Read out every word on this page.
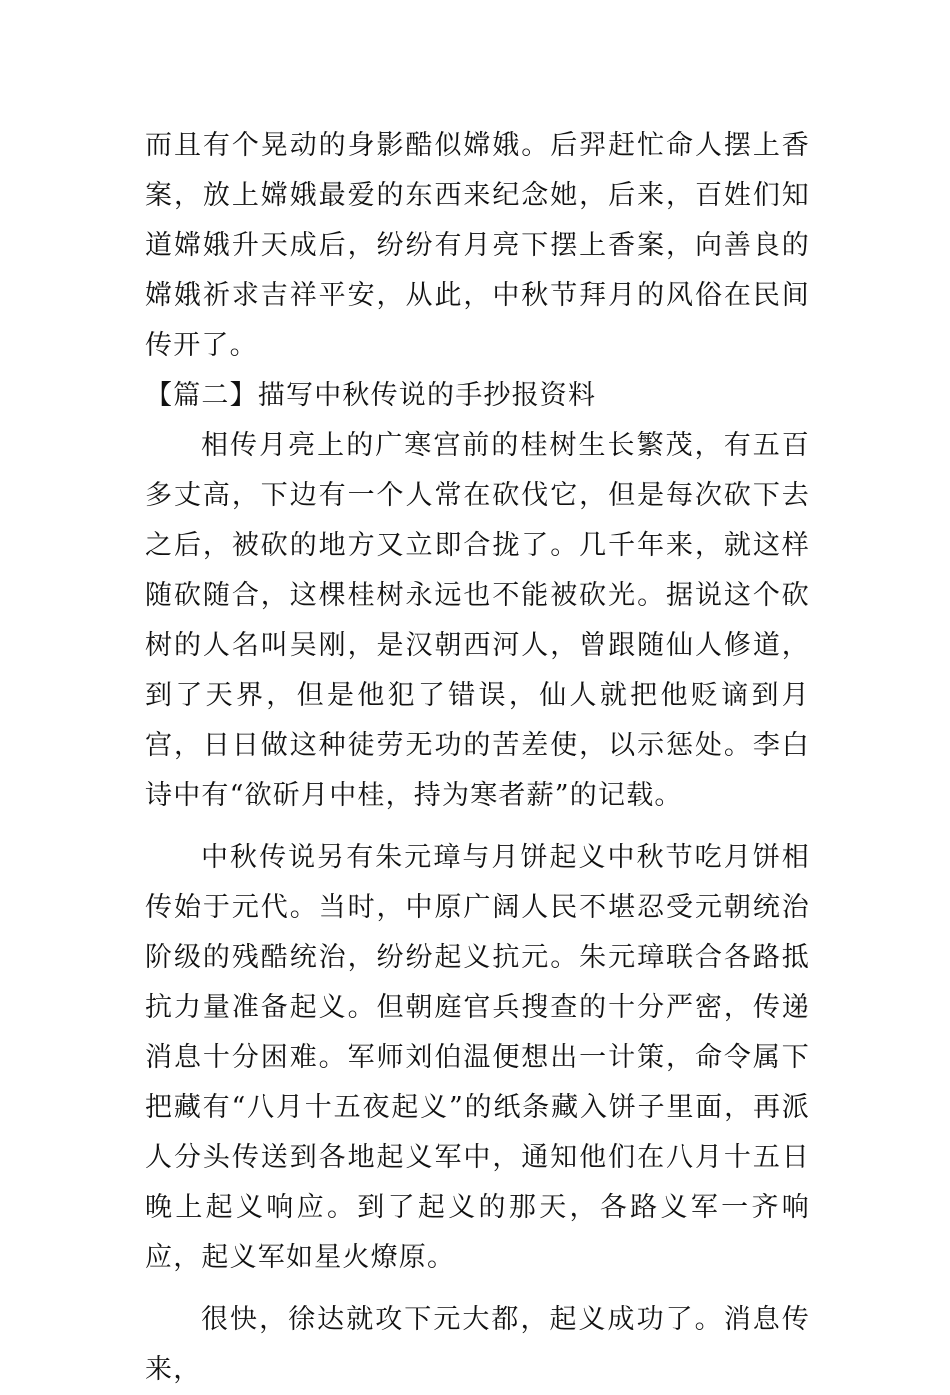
而且有个晃动的身影酷似嫦娥。后羿赶忙命人摆上香案，放上嫦娥最爱的东西来纪念她，后来，百姓们知道嫦娥升天成后，纷纷有月亮下摆上香案，向善良的嫦娥祈求吉祥平安，从此，中秋节拜月的风俗在民间传开了。

【篇二】描写中秋传说的手抄报资料

相传月亮上的广寒宫前的桂树生长繁茂，有五百多丈高，下边有一个人常在砍伐它，但是每次砍下去之后，被砍的地方又立即合拢了。几千年来，就这样随砍随合，这棵桂树永远也不能被砍光。据说这个砍树的人名叫吴刚，是汉朝西河人，曾跟随仙人修道，到了天界，但是他犯了错误，仙人就把他贬谪到月宫，日日做这种徒劳无功的苦差使，以示惩处。李白诗中有“欲斫月中桂，持为寒者薪”的记载。

中秋传说另有朱元璋与月饼起义中秋节吃月饼相传始于元代。当时，中原广阔人民不堪忍受元朝统治阶级的残酷统治，纷纷起义抗元。朱元璋联合各路抵抗力量准备起义。但朝庭官兵搜查的十分严密，传递消息十分困难。军师刘伯温便想出一计策，命令属下把藏有“八月十五夜起义”的纸条藏入饼子里面，再派人分头传送到各地起义军中，通知他们在八月十五日晚上起义响应。到了起义的那天，各路义军一齐响应，起义军如星火燎原。

很快，徐达就攻下元大都，起义成功了。消息传来，
